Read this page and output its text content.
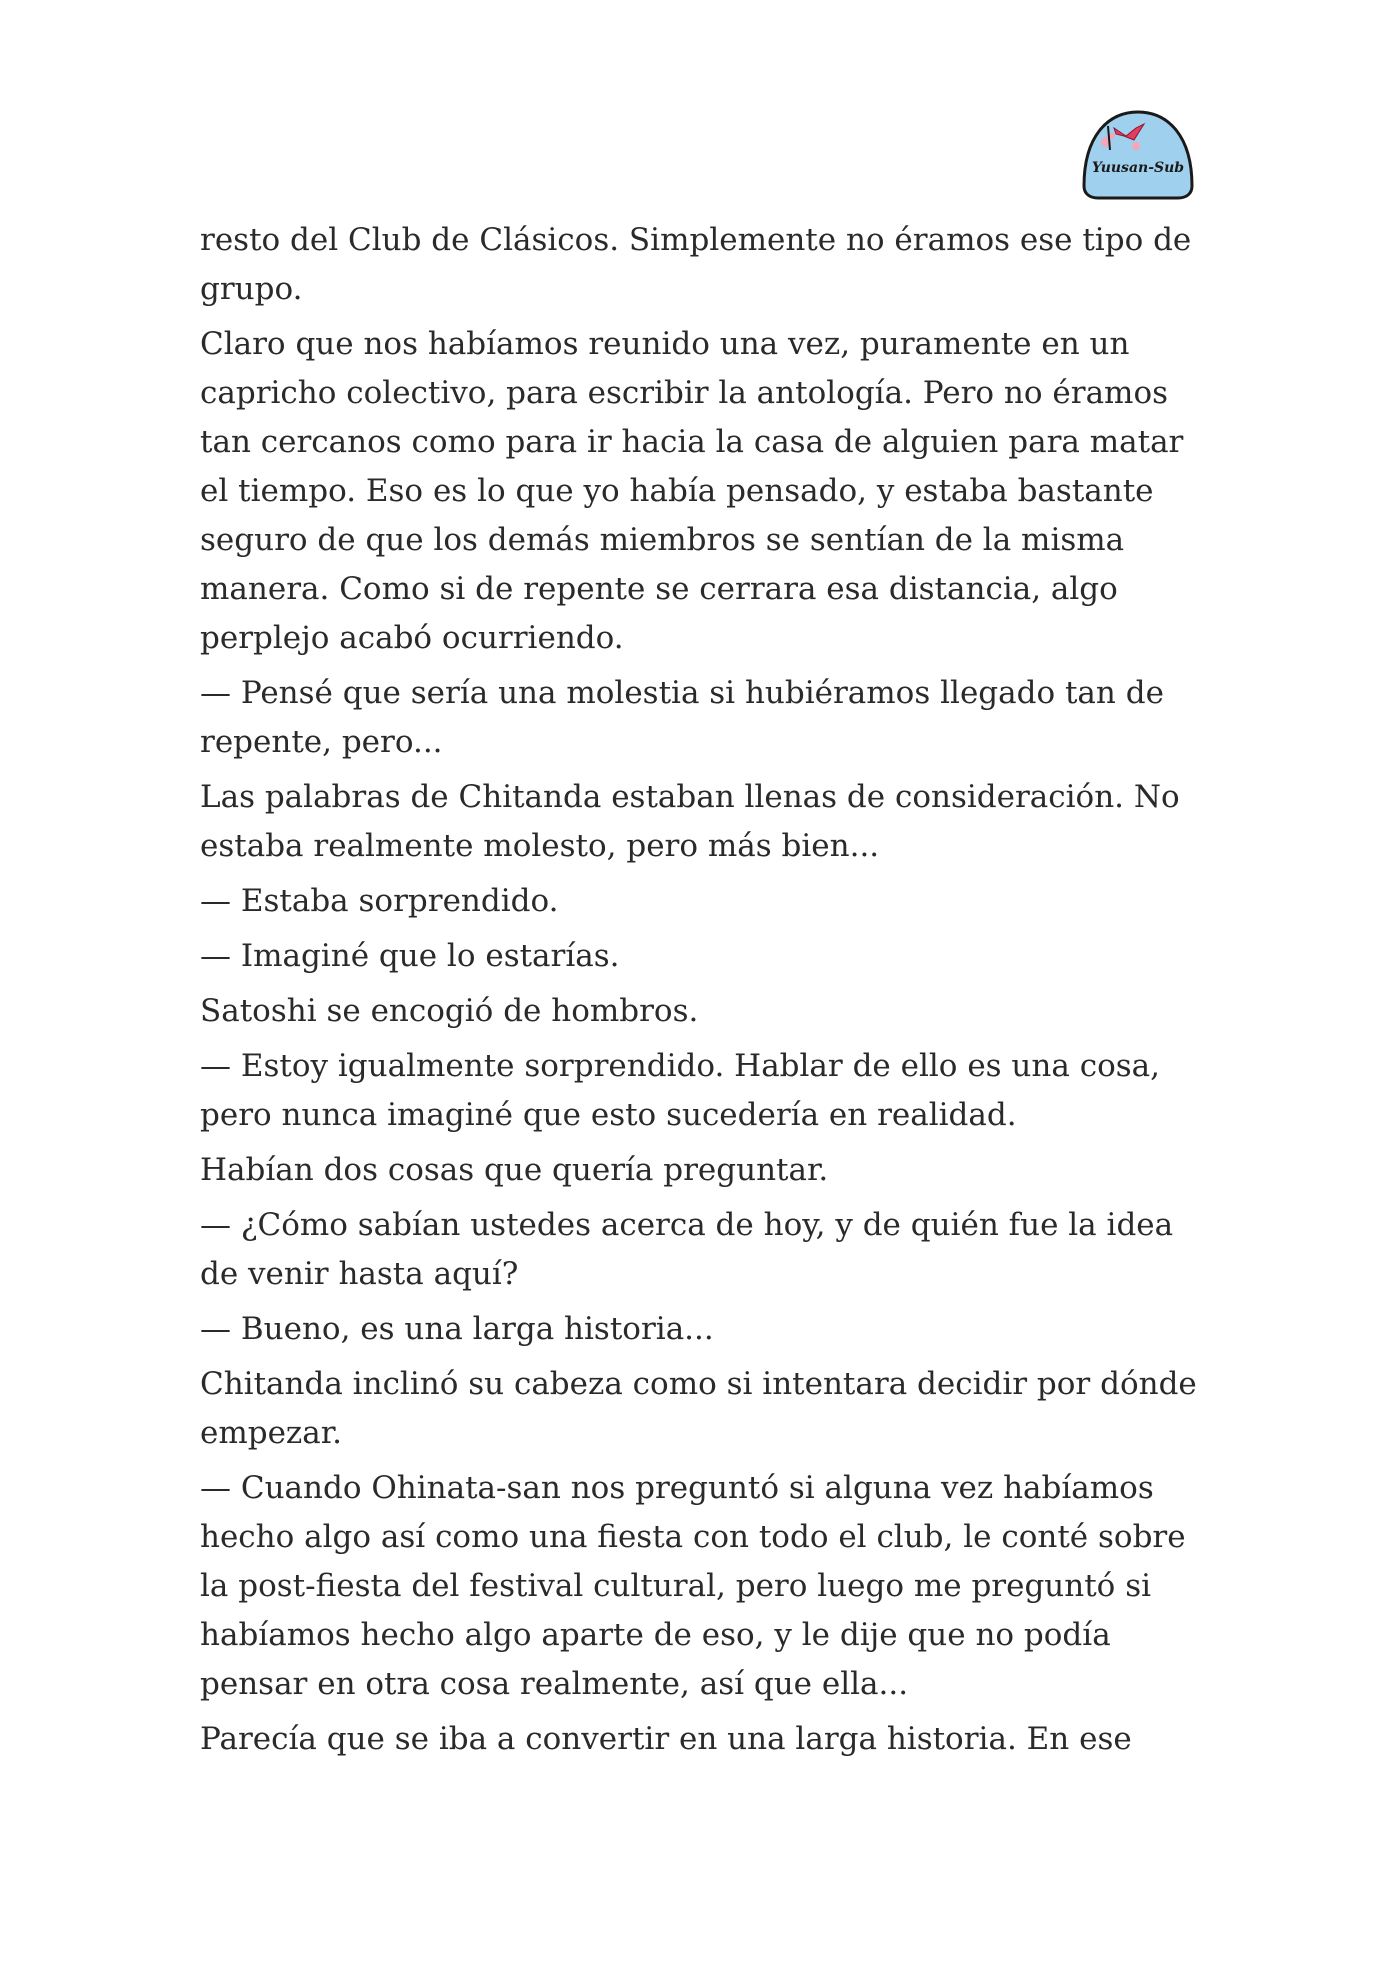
Yuusan-Sub

resto del Club de Clásicos. Simplemente no éramos ese tipo de grupo.

Claro que nos habíamos reunido una vez, puramente en un capricho colectivo, para escribir la antología. Pero no éramos tan cercanos como para ir hacia la casa de alguien para matar el tiempo. Eso es lo que yo había pensado, y estaba bastante seguro de que los demás miembros se sentían de la misma manera. Como si de repente se cerrara esa distancia, algo perplejo acabó ocurriendo.

— Pensé que sería una molestia si hubiéramos llegado tan de repente, pero...

Las palabras de Chitanda estaban llenas de consideración. No estaba realmente molesto, pero más bien...

— Estaba sorprendido.

— Imaginé que lo estarías.

Satoshi se encogió de hombros.

— Estoy igualmente sorprendido. Hablar de ello es una cosa, pero nunca imaginé que esto sucedería en realidad.

Habían dos cosas que quería preguntar.

— ¿Cómo sabían ustedes acerca de hoy, y de quién fue la idea de venir hasta aquí?

— Bueno, es una larga historia...

Chitanda inclinó su cabeza como si intentara decidir por dónde empezar.

— Cuando Ohinata-san nos preguntó si alguna vez habíamos hecho algo así como una fiesta con todo el club, le conté sobre la post-fiesta del festival cultural, pero luego me preguntó si habíamos hecho algo aparte de eso, y le dije que no podía pensar en otra cosa realmente, así que ella...

Parecía que se iba a convertir en una larga historia. En ese
